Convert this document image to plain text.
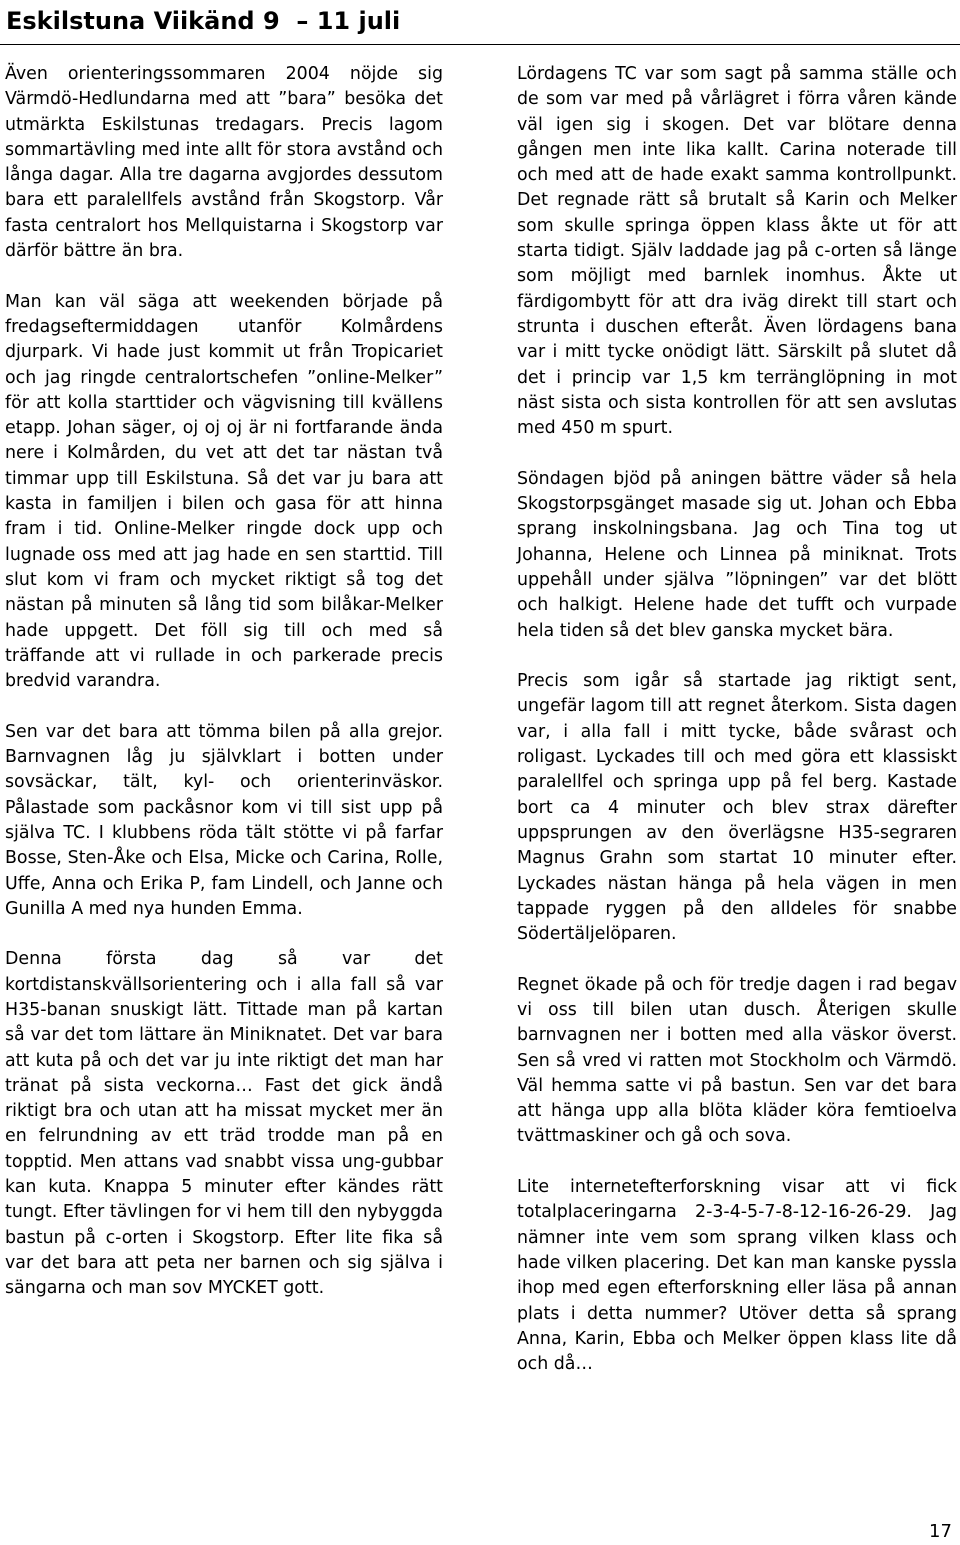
Eskilstuna Viikänd 9  – 11 juli

Även orienteringssommaren 2004 nöjde sig Värmdö-Hedlundarna med att ”bara” besöka det utmärkta Eskilstunas tredagars. Precis lagom sommartävling med inte allt för stora avstånd och långa dagar. Alla tre dagarna avgjordes dessutom bara ett paralellfels avstånd från Skogstorp. Vår fasta centralort hos Mellquistarna i Skogstorp var därför bättre än bra.

Man kan väl säga att weekenden började på fredagseftermiddagen utanför Kolmårdens djurpark. Vi hade just kommit ut från Tropicariet och jag ringde centralortschefen ”online-Melker” för att kolla starttider och vägvisning till kvällens etapp. Johan säger, oj oj oj är ni fortfarande ända nere i Kolmården, du vet att det tar nästan två timmar upp till Eskilstuna. Så det var ju bara att kasta in familjen i bilen och gasa för att hinna fram i tid. Online-Melker ringde dock upp och lugnade oss med att jag hade en sen starttid. Till slut kom vi fram och mycket riktigt så tog det nästan på minuten så lång tid som bilåkar-Melker hade uppgett. Det föll sig till och med så träffande att vi rullade in och parkerade precis bredvid varandra.

Sen var det bara att tömma bilen på alla grejor. Barnvagnen låg ju självklart i botten under sovsäckar, tält, kyl- och orienterinväskor. Pålastade som packåsnor kom vi till sist upp på själva TC. I klubbens röda tält stötte vi på farfar Bosse, Sten-Åke och Elsa, Micke och Carina, Rolle, Uffe, Anna och Erika P, fam Lindell, och Janne och Gunilla A med nya hunden Emma.

Denna första dag så var det kortdistanskvällsorientering och i alla fall så var H35-banan snuskigt lätt. Tittade man på kartan så var det tom lättare än Miniknatet. Det var bara att kuta på och det var ju inte riktigt det man har tränat på sista veckorna… Fast det gick ändå riktigt bra och utan att ha missat mycket mer än en felrundning av ett träd trodde man på en topptid. Men attans vad snabbt vissa ung-gubbar kan kuta. Knappa 5 minuter efter kändes rätt tungt. Efter tävlingen for vi hem till den nybyggda bastun på c-orten i Skogstorp. Efter lite fika så var det bara att peta ner barnen och sig själva i sängarna och man sov MYCKET gott.

Lördagens TC var som sagt på samma ställe och de som var med på vårlägret i förra våren kände väl igen sig i skogen. Det var blötare denna gången men inte lika kallt. Carina noterade till och med att de hade exakt samma kontrollpunkt. Det regnade rätt så brutalt så Karin och Melker som skulle springa öppen klass åkte ut för att starta tidigt. Själv laddade jag på c-orten så länge som möjligt med barnlek inomhus. Åkte ut färdigombytt för att dra iväg direkt till start och strunta i duschen efteråt. Även lördagens bana var i mitt tycke onödigt lätt. Särskilt på slutet då det i princip var 1,5 km terränglöpning in mot näst sista och sista kontrollen för att sen avslutas med 450 m spurt.

Söndagen bjöd på aningen bättre väder så hela Skogstorpsgänget masade sig ut. Johan och Ebba sprang inskolningsbana. Jag och Tina tog ut Johanna, Helene och Linnea på miniknat. Trots uppehåll under själva ”löpningen” var det blött och halkigt. Helene hade det tufft och vurpade hela tiden så det blev ganska mycket bära.

Precis som igår så startade jag riktigt sent, ungefär lagom till att regnet återkom. Sista dagen var, i alla fall i mitt tycke, både svårast och roligast. Lyckades till och med göra ett klassiskt paralellfel och springa upp på fel berg. Kastade bort ca 4 minuter och blev strax därefter uppsprungen av den överlägsne H35-segraren Magnus Grahn som startat 10 minuter efter. Lyckades nästan hänga på hela vägen in men tappade ryggen på den alldeles för snabbe Södertäljelöparen.

Regnet ökade på och för tredje dagen i rad begav vi oss till bilen utan dusch. Återigen skulle barnvagnen ner i botten med alla väskor överst. Sen så vred vi ratten mot Stockholm och Värmdö. Väl hemma satte vi på bastun. Sen var det bara att hänga upp alla blöta kläder köra femtioelva tvättmaskiner och gå och sova.

Lite internetefterforskning visar att vi fick totalplaceringarna 2-3-4-5-7-8-12-16-26-29. Jag nämner inte vem som sprang vilken klass och hade vilken placering. Det kan man kanske pyssla ihop med egen efterforskning eller läsa på annan plats i detta nummer? Utöver detta så sprang Anna, Karin, Ebba och Melker öppen klass lite då och då…

17
